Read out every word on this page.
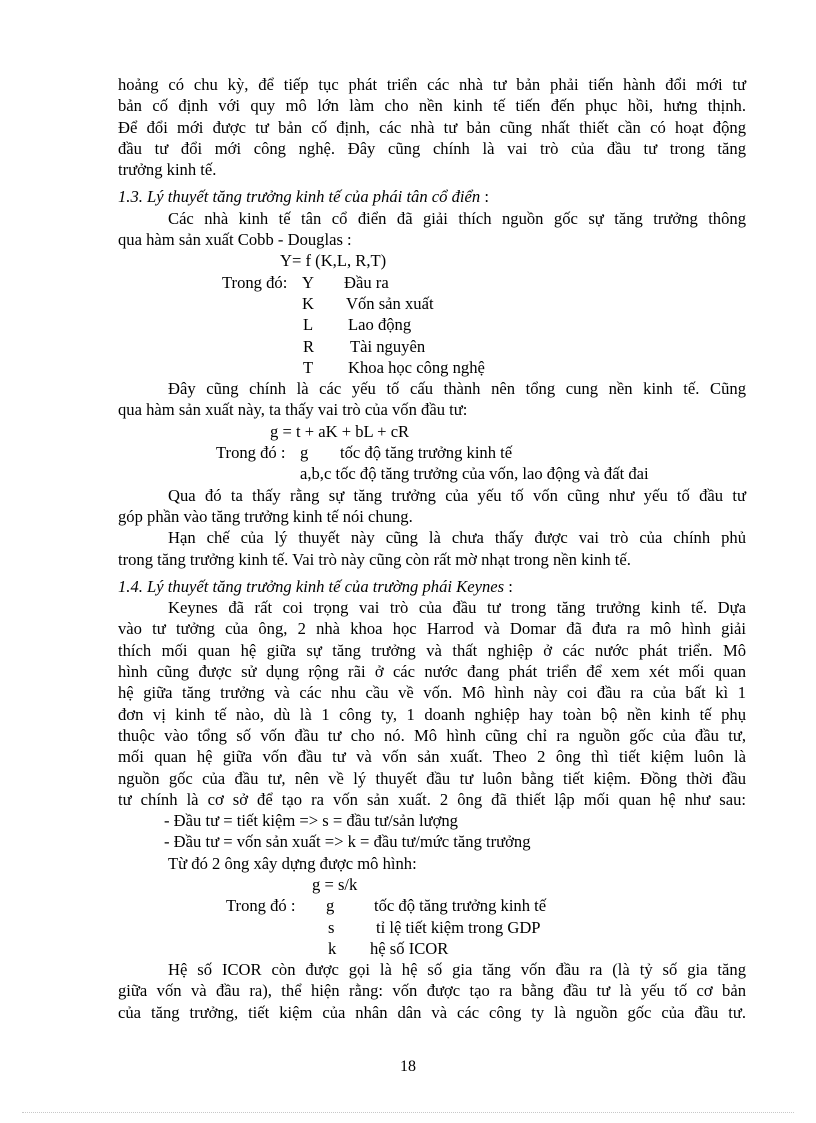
hoảng có chu kỳ, để tiếp tục phát triển các nhà tư bản phải tiến hành đổi mới tư
bản cố định với quy mô lớn làm cho nền kinh tế tiến đến phục hồi, hưng thịnh.
Để đổi mới được tư bản cố định, các nhà tư bản cũng nhất thiết cần có hoạt động
đầu tư đổi mới công nghệ. Đây cũng chính là vai trò của đầu tư trong tăng
trưởng kinh tế.
1.3. Lý thuyết tăng trưởng kinh tế của phái tân cổ điển :
Các nhà kinh tế tân cổ điển đã giải thích nguồn gốc sự tăng trưởng thông
qua hàm sản xuất Cobb - Douglas :
Y= f (K,L, R,T)
Trong đó: Y Đầu ra
K Vốn sản xuất
L Lao động
R Tài nguyên
T Khoa học công nghệ
Đây cũng chính là các yếu tố cấu thành nên tổng cung nền kinh tế. Cũng
qua hàm sản xuất này, ta thấy vai trò của vốn đầu tư:
g = t + aK + bL + cR
Trong đó : g tốc độ tăng trưởng kinh tế
a,b,c tốc độ tăng trưởng của vốn, lao động và đất đai
Qua đó ta thấy rằng sự tăng trưởng của yếu tố vốn cũng như yếu tố đầu tư
góp phần vào tăng trưởng kinh tế nói chung.
Hạn chế của lý thuyết này cũng là chưa thấy được vai trò của chính phủ
trong tăng trưởng kinh tế. Vai trò này cũng còn rất mờ nhạt trong nền kinh tế.
1.4. Lý thuyết tăng trưởng kinh tế của trường phái Keynes :
Keynes đã rất coi trọng vai trò của đầu tư trong tăng trưởng kinh tế. Dựa
vào tư tưởng của ông, 2 nhà khoa học Harrod và Domar đã đưa ra mô hình giải
thích mối quan hệ giữa sự tăng trưởng và thất nghiệp ở các nước phát triển. Mô
hình cũng được sử dụng rộng rãi ở các nước đang phát triển để xem xét mối quan
hệ giữa tăng trưởng và các nhu cầu về vốn. Mô hình này coi đầu ra của bất kì 1
đơn vị kinh tế nào, dù là 1 công ty, 1 doanh nghiệp hay toàn bộ nền kinh tế phụ
thuộc vào tổng số vốn đầu tư cho nó. Mô hình cũng chỉ ra nguồn gốc của đầu tư,
mối quan hệ giữa vốn đầu tư và vốn sản xuất. Theo 2 ông thì tiết kiệm luôn là
nguồn gốc của đầu tư, nên về lý thuyết đầu tư luôn bằng tiết kiệm. Đồng thời đầu
tư chính là cơ sở để tạo ra vốn sản xuất. 2 ông đã thiết lập mối quan hệ như sau:
- Đầu tư = tiết kiệm => s = đầu tư/sản lượng
- Đầu tư = vốn sản xuất => k = đầu tư/mức tăng trưởng
Từ đó 2 ông xây dựng được mô hình:
g = s/k
Trong đó : g tốc độ tăng trưởng kinh tế
s	tỉ lệ tiết kiệm trong GDP
k hệ số ICOR
Hệ số ICOR còn được gọi là hệ số gia tăng vốn đầu ra (là tỷ số gia tăng
giữa vốn và đầu ra), thể hiện rằng: vốn được tạo ra bằng đầu tư là yếu tố cơ bản
của tăng trưởng, tiết kiệm của nhân dân và các công ty là nguồn gốc của đầu tư.
18
